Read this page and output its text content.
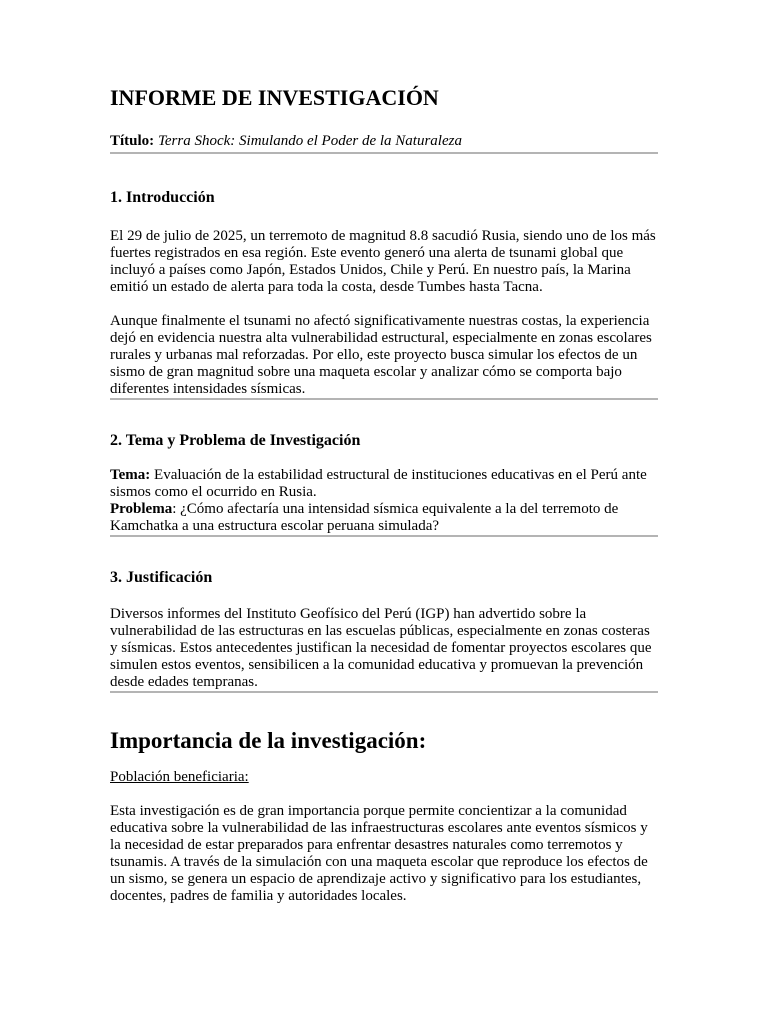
INFORME DE INVESTIGACIÓN

Título: Terra Shock: Simulando el Poder de la Naturaleza

1. Introducción

El 29 de julio de 2025, un terremoto de magnitud 8.8 sacudió Rusia, siendo uno de los más fuertes registrados en esa región. Este evento generó una alerta de tsunami global que incluyó a países como Japón, Estados Unidos, Chile y Perú. En nuestro país, la Marina emitió un estado de alerta para toda la costa, desde Tumbes hasta Tacna.

Aunque finalmente el tsunami no afectó significativamente nuestras costas, la experiencia dejó en evidencia nuestra alta vulnerabilidad estructural, especialmente en zonas escolares rurales y urbanas mal reforzadas. Por ello, este proyecto busca simular los efectos de un sismo de gran magnitud sobre una maqueta escolar y analizar cómo se comporta bajo diferentes intensidades sísmicas.

2. Tema y Problema de Investigación

Tema: Evaluación de la estabilidad estructural de instituciones educativas en el Perú ante sismos como el ocurrido en Rusia.

Problema: ¿Cómo afectaría una intensidad sísmica equivalente a la del terremoto de Kamchatka a una estructura escolar peruana simulada?

3. Justificación

Diversos informes del Instituto Geofísico del Perú (IGP) han advertido sobre la vulnerabilidad de las estructuras en las escuelas públicas, especialmente en zonas costeras y sísmicas. Estos antecedentes justifican la necesidad de fomentar proyectos escolares que simulen estos eventos, sensibilicen a la comunidad educativa y promuevan la prevención desde edades tempranas.

Importancia de la investigación:

Población beneficiaria:

Esta investigación es de gran importancia porque permite concientizar a la comunidad educativa sobre la vulnerabilidad de las infraestructuras escolares ante eventos sísmicos y la necesidad de estar preparados para enfrentar desastres naturales como terremotos y tsunamis. A través de la simulación con una maqueta escolar que reproduce los efectos de un sismo, se genera un espacio de aprendizaje activo y significativo para los estudiantes, docentes, padres de familia y autoridades locales.
